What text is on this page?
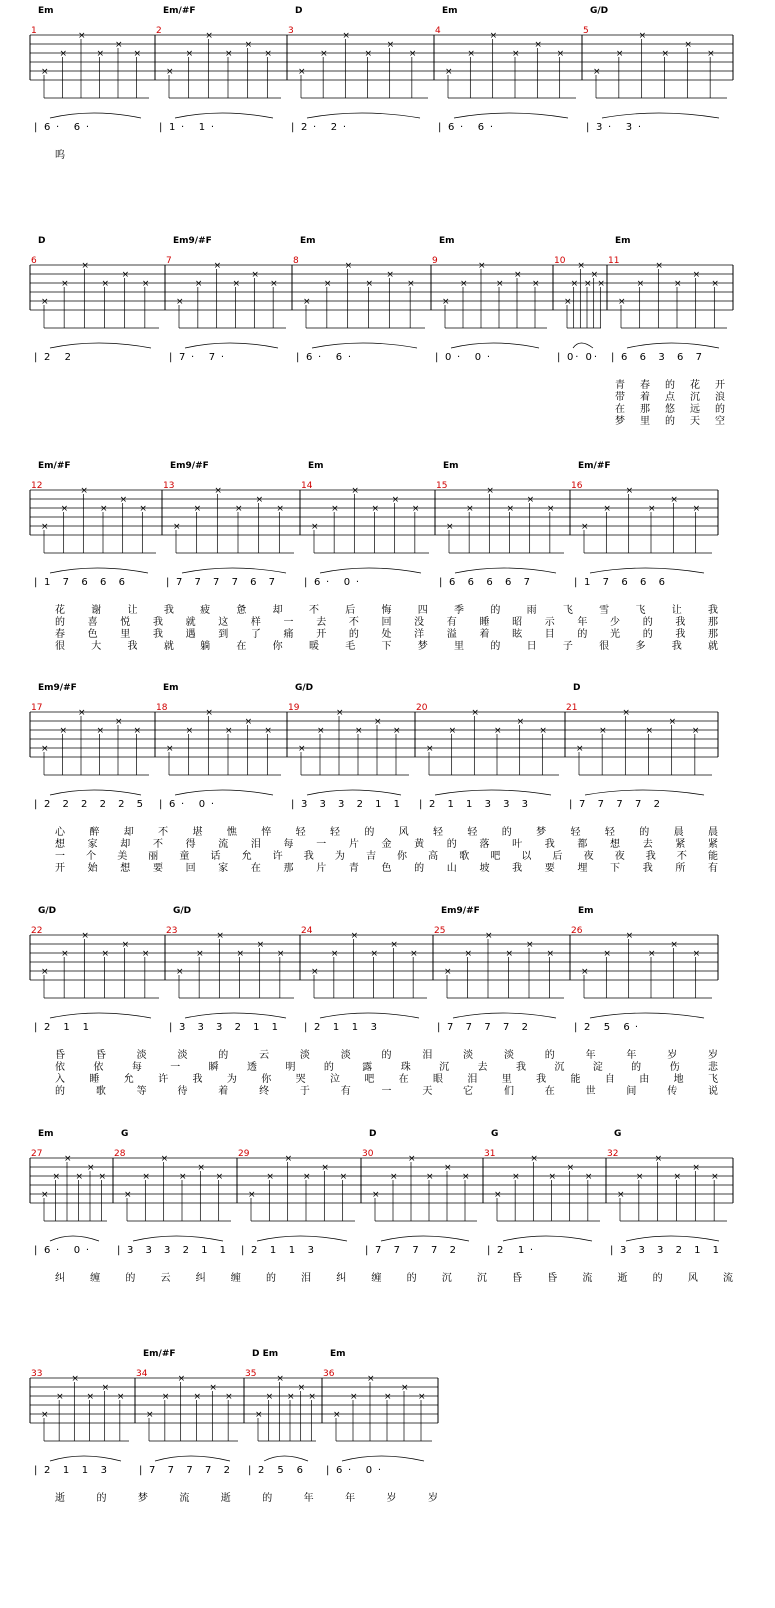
Em
1
×
×
×
×
×
×
| 6· 6·
Em/#F
2
×
×
×
×
×
×
| 1· 1·
D
3
×
×
×
×
×
×
| 2· 2·
Em
4
×
×
×
×
×
×
| 6· 6·
G/D
5
×
×
×
×
×
×
| 3· 3·
呜
D
6
×
×
×
×
×
×
| 2 2
Em9/#F
7
×
×
×
×
×
×
| 7· 7·
Em
8
×
×
×
×
×
×
| 6· 6·
Em
9
×
×
×
×
×
×
| 0· 0·
10
×
×
×
×
×
×
| 0· 0·
Em
11
×
×
×
×
×
×
| 6 6 3 6 7
青 春 的 花 开
带 着 点 沉 浪
在 那 悠 远 的
梦 里 的 天 空
Em/#F
12
×
×
×
×
×
×
| 1 7 6 6 6
Em9/#F
13
×
×
×
×
×
×
| 7 7 7 7 6 7
Em
14
×
×
×
×
×
×
| 6· 0·
Em
15
×
×
×
×
×
×
| 6 6 6 6 7
Em/#F
16
×
×
×
×
×
×
| 1 7 6 6 6
花	谢	让	我	疲	惫	却	不	后	悔	四	季	的	雨	飞	雪	飞	让	我
的 喜 悦 我 就 这 样 一 去 不 回 没 有 睡 昭 示 年 少 的 我 那
春 色 里 我 遇 到 了 痛 开 的 处 洋 溢 着 眩 目 的 光 的 我 那
很	大	我	就	躺	在	你	暖	毛	下	梦	里	的	日	子	很	多	我	就
Em9/#F
17
×
×
×
×
×
×
| 2 2 2 2 2 5
Em
18
×
×
×
×
×
×
| 6· 0·
G/D
19
×
×
×
×
×
×
| 3 3 3 2 1 1
20
×
×
×
×
×
×
| 2 1 1 3 3 3
D
21
×
×
×
×
×
×
| 7 7 7 7 2
心 醉 却 不 堪 憔 悴 轻 轻 的 风 轻 轻 的 梦 轻 轻 的 晨 晨
想 家 却 不 得 流 泪 每 一 片 金 黄 的 落 叶 我 都 想 去 紧 紧
一 个 美 丽 童 话 允 许 我 为 吉 你 高 歌 吧 以 后 夜 夜 我 不 能
开 始 想 要 回 家 在 那 片 青 色 的 山 坡 我 要 埋 下 我 所 有
G/D
22
×
×
×
×
×
×
| 2 1 1
G/D
23
×
×
×
×
×
×
| 3 3 3 2 1 1
24
×
×
×
×
×
×
| 2 1 1 3
Em9/#F
25
×
×
×
×
×
×
| 7 7 7 7 2
Em
26
×
×
×
×
×
×
| 2 5 6·
昏	昏	淡	淡	的	云	淡	淡	的	泪	淡	淡	的	年	年	岁	岁
依	依	每	一	瞬	透	明	的	露	珠	沉	去	我	沉	淀	的	伤	悲
入 睡 允 许 我 为 你 哭 泣 吧 在 眼 泪 里 我 能 自 由 地 飞
的	歌	等	待	着	终	于	有	一	天	它	们	在	世	间	传	说
Em
27
×
×
×
×
×
×
| 6· 0·
G
28
×
×
×
×
×
×
| 3 3 3 2 1 1
29
×
×
×
×
×
×
| 2 1 1 3
D
30
×
×
×
×
×
×
| 7 7 7 7 2
G
31
×
×
×
×
×
×
| 2 1·
G
32
×
×
×
×
×
×
| 3 3 3 2 1 1
纠	缠	的	云	纠	缠	的	泪	纠	缠	的	沉	沉	昏	昏	流	逝	的	风	流
33
×
×
×
×
×
×
| 2 1 1 3
Em/#F
34
×
×
×
×
×
×
| 7 7 7 7 2
D Em
35
×
×
×
×
×
×
| 2 5 6
Em
36
×
×
×
×
×
×
| 6· 0·
逝	的	梦	流	逝	的	年	年	岁	岁
